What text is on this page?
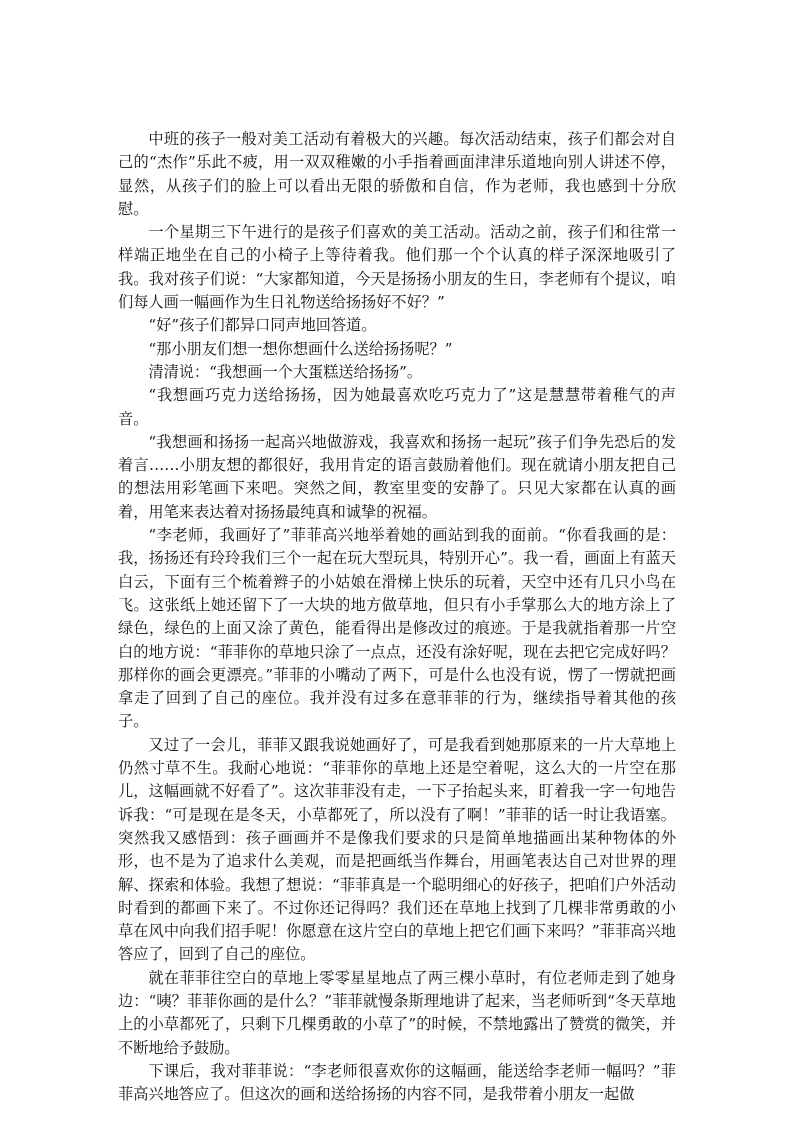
中班的孩子一般对美工活动有着极大的兴趣。每次活动结束，孩子们都会对自己的“杰作”乐此不疲，用一双双稚嫩的小手指着画面津津乐道地向别人讲述不停，显然，从孩子们的脸上可以看出无限的骄傲和自信，作为老师，我也感到十分欣慰。

一个星期三下午进行的是孩子们喜欢的美工活动。活动之前，孩子们和往常一样端正地坐在自己的小椅子上等待着我。他们那一个个认真的样子深深地吸引了我。我对孩子们说：“大家都知道，今天是扬扬小朋友的生日，李老师有个提议，咱们每人画一幅画作为生日礼物送给扬扬好不好？”

“好”孩子们都异口同声地回答道。

“那小朋友们想一想你想画什么送给扬扬呢？”

清清说：“我想画一个大蛋糕送给扬扬”。

“我想画巧克力送给扬扬，因为她最喜欢吃巧克力了”这是慧慧带着稚气的声音。

“我想画和扬扬一起高兴地做游戏，我喜欢和扬扬一起玩”孩子们争先恐后的发着言……小朋友想的都很好，我用肯定的语言鼓励着他们。现在就请小朋友把自己的想法用彩笔画下来吧。突然之间，教室里变的安静了。只见大家都在认真的画着，用笔来表达着对扬扬最纯真和诚挚的祝福。

“李老师，我画好了”菲菲高兴地举着她的画站到我的面前。“你看我画的是：我，扬扬还有玲玲我们三个一起在玩大型玩具，特别开心”。我一看，画面上有蓝天白云，下面有三个梳着辫子的小姑娘在滑梯上快乐的玩着，天空中还有几只小鸟在飞。这张纸上她还留下了一大块的地方做草地，但只有小手掌那么大的地方涂上了绿色，绿色的上面又涂了黄色，能看得出是修改过的痕迹。于是我就指着那一片空白的地方说：“菲菲你的草地只涂了一点点，还没有涂好呢，现在去把它完成好吗？那样你的画会更漂亮。”菲菲的小嘴动了两下，可是什么也没有说，愣了一愣就把画拿走了回到了自己的座位。我并没有过多在意菲菲的行为，继续指导着其他的孩子。

又过了一会儿，菲菲又跟我说她画好了，可是我看到她那原来的一片大草地上仍然寸草不生。我耐心地说：“菲菲你的草地上还是空着呢，这么大的一片空在那儿，这幅画就不好看了”。这次菲菲没有走，一下子抬起头来，盯着我一字一句地告诉我：“可是现在是冬天，小草都死了，所以没有了啊！”菲菲的话一时让我语塞。突然我又感悟到：孩子画画并不是像我们要求的只是简单地描画出某种物体的外形，也不是为了追求什么美观，而是把画纸当作舞台，用画笔表达自己对世界的理解、探索和体验。我想了想说：“菲菲真是一个聪明细心的好孩子，把咱们户外活动时看到的都画下来了。不过你还记得吗？我们还在草地上找到了几棵非常勇敢的小草在风中向我们招手呢！你愿意在这片空白的草地上把它们画下来吗？”菲菲高兴地答应了，回到了自己的座位。

就在菲菲往空白的草地上零零星星地点了两三棵小草时，有位老师走到了她身边：“咦？菲菲你画的是什么？”菲菲就慢条斯理地讲了起来，当老师听到“冬天草地上的小草都死了，只剩下几棵勇敢的小草了”的时候，不禁地露出了赞赏的微笑，并不断地给予鼓励。

下课后，我对菲菲说：“李老师很喜欢你的这幅画，能送给李老师一幅吗？”菲菲高兴地答应了。但这次的画和送给扬扬的内容不同，是我带着小朋友一起做
